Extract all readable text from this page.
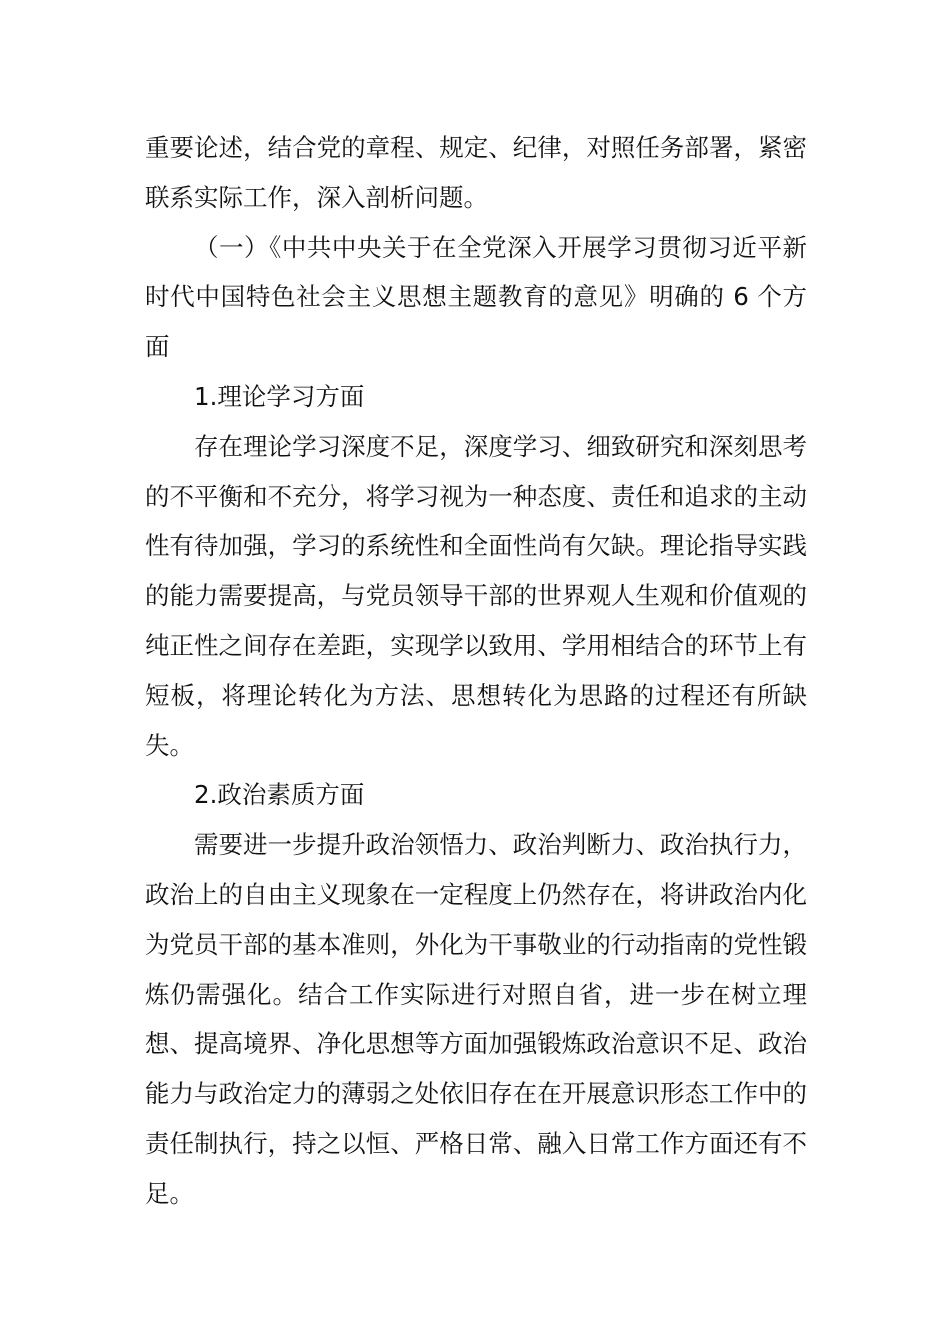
重要论述，结合党的章程、规定、纪律，对照任务部署，紧密联系实际工作，深入剖析问题。

（一）《中共中央关于在全党深入开展学习贯彻习近平新时代中国特色社会主义思想主题教育的意见》明确的 6 个方面

1.理论学习方面

存在理论学习深度不足，深度学习、细致研究和深刻思考的不平衡和不充分，将学习视为一种态度、责任和追求的主动性有待加强，学习的系统性和全面性尚有欠缺。理论指导实践的能力需要提高，与党员领导干部的世界观人生观和价值观的纯正性之间存在差距，实现学以致用、学用相结合的环节上有短板，将理论转化为方法、思想转化为思路的过程还有所缺失。

2.政治素质方面

需要进一步提升政治领悟力、政治判断力、政治执行力，政治上的自由主义现象在一定程度上仍然存在，将讲政治内化为党员干部的基本准则，外化为干事敬业的行动指南的党性锻炼仍需强化。结合工作实际进行对照自省，进一步在树立理想、提高境界、净化思想等方面加强锻炼政治意识不足、政治能力与政治定力的薄弱之处依旧存在在开展意识形态工作中的责任制执行，持之以恒、严格日常、融入日常工作方面还有不足。
